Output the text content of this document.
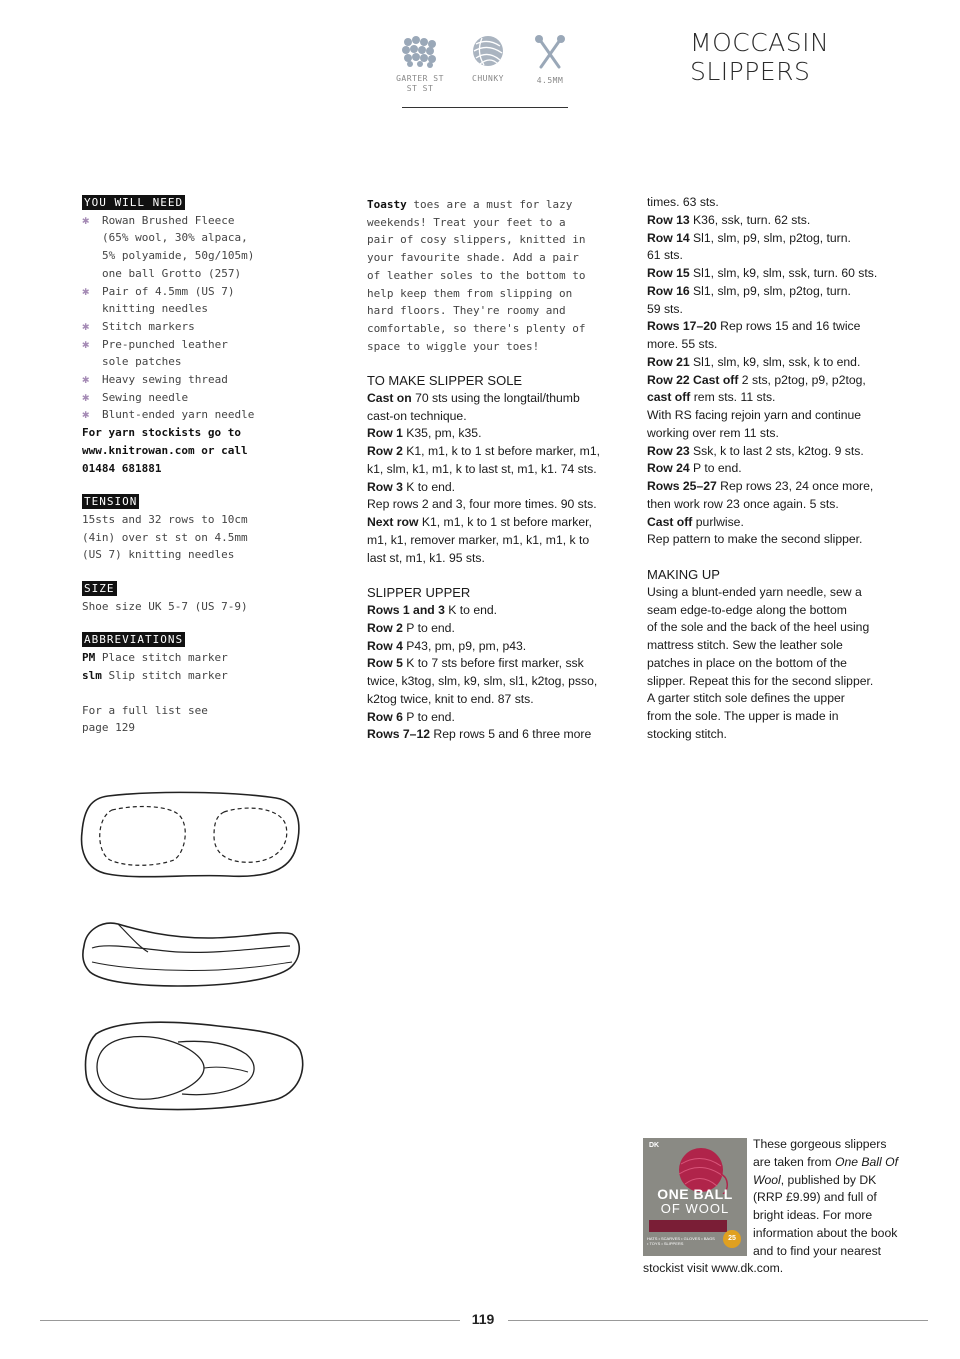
MOCCASIN SLIPPERS
GARTER ST
ST ST
CHUNKY	4.5MM
YOU WILL NEED
✱ Rowan Brushed Fleece
(65% wool, 30% alpaca,
5% polyamide, 50g/105m)
one ball Grotto (257)
✱ Pair of 4.5mm (US 7)
knitting needles
✱ Stitch markers
✱ Pre-punched leather
sole patches
✱ Heavy sewing thread
✱ Sewing needle
✱ Blunt-ended yarn needle
For yarn stockists go to
www.knitrowan.com or call
01484 681881
TENSION
15sts and 32 rows to 10cm
(4in) over st st on 4.5mm
(US 7) knitting needles
SIZE
Shoe size UK 5-7 (US 7-9)
ABBREVIATIONS
PM Place stitch marker
slm Slip stitch marker
For a full list see
page 129
Toasty toes are a must for lazy
weekends! Treat your feet to a
pair of cosy slippers, knitted in
your favourite shade. Add a pair
of leather soles to the bottom to
help keep them from slipping on
hard floors. They're roomy and
comfortable, so there's plenty of
space to wiggle your toes!
TO MAKE SLIPPER SOLE
Cast on 70 sts using the longtail/thumb
cast-on technique.
Row 1 K35, pm, k35.
Row 2 K1, m1, k to 1 st before marker, m1,
k1, slm, k1, m1, k to last st, m1, k1. 74 sts.
Row 3 K to end.
Rep rows 2 and 3, four more times. 90 sts.
Next row K1, m1, k to 1 st before marker,
m1, k1, remover marker, m1, k1, m1, k to
last st, m1, k1. 95 sts.
SLIPPER UPPER
Rows 1 and 3 K to end.
Row 2 P to end.
Row 4 P43, pm, p9, pm, p43.
Row 5 K to 7 sts before first marker, ssk
twice, k3tog, slm, k9, slm, sl1, k2tog, psso,
k2tog twice, knit to end. 87 sts.
Row 6 P to end.
Rows 7–12 Rep rows 5 and 6 three more
times. 63 sts.
Row 13 K36, ssk, turn. 62 sts.
Row 14 Sl1, slm, p9, slm, p2tog, turn.
61 sts.
Row 15 Sl1, slm, k9, slm, ssk, turn. 60 sts.
Row 16 Sl1, slm, p9, slm, p2tog, turn.
59 sts.
Rows 17–20 Rep rows 15 and 16 twice
more. 55 sts.
Row 21 Sl1, slm, k9, slm, ssk, k to end.
Row 22 Cast off 2 sts, p2tog, p9, p2tog,
cast off rem sts. 11 sts.
With RS facing rejoin yarn and continue
working over rem 11 sts.
Row 23 Ssk, k to last 2 sts, k2tog. 9 sts.
Row 24 P to end.
Rows 25–27 Rep rows 23, 24 once more,
then work row 23 once again. 5 sts.
Cast off purlwise.
Rep pattern to make the second slipper.
MAKING UP
Using a blunt-ended yarn needle, sew a
seam edge-to-edge along the bottom
of the sole and the back of the heel using
mattress stitch. Sew the leather sole
patches in place on the bottom of the
slipper. Repeat this for the second slipper.
A garter stitch sole defines the upper
from the sole. The upper is made in
stocking stitch.
DK
ONE BALL
OF WOOL
HATS • SCARVES • GLOVES • BAGS • TOYS • SLIPPERS
25
These gorgeous slippers are taken from One Ball Of Wool, published by DK (RRP £9.99) and full of bright ideas. For more information about the book and to find your nearest stockist visit www.dk.com.
119
